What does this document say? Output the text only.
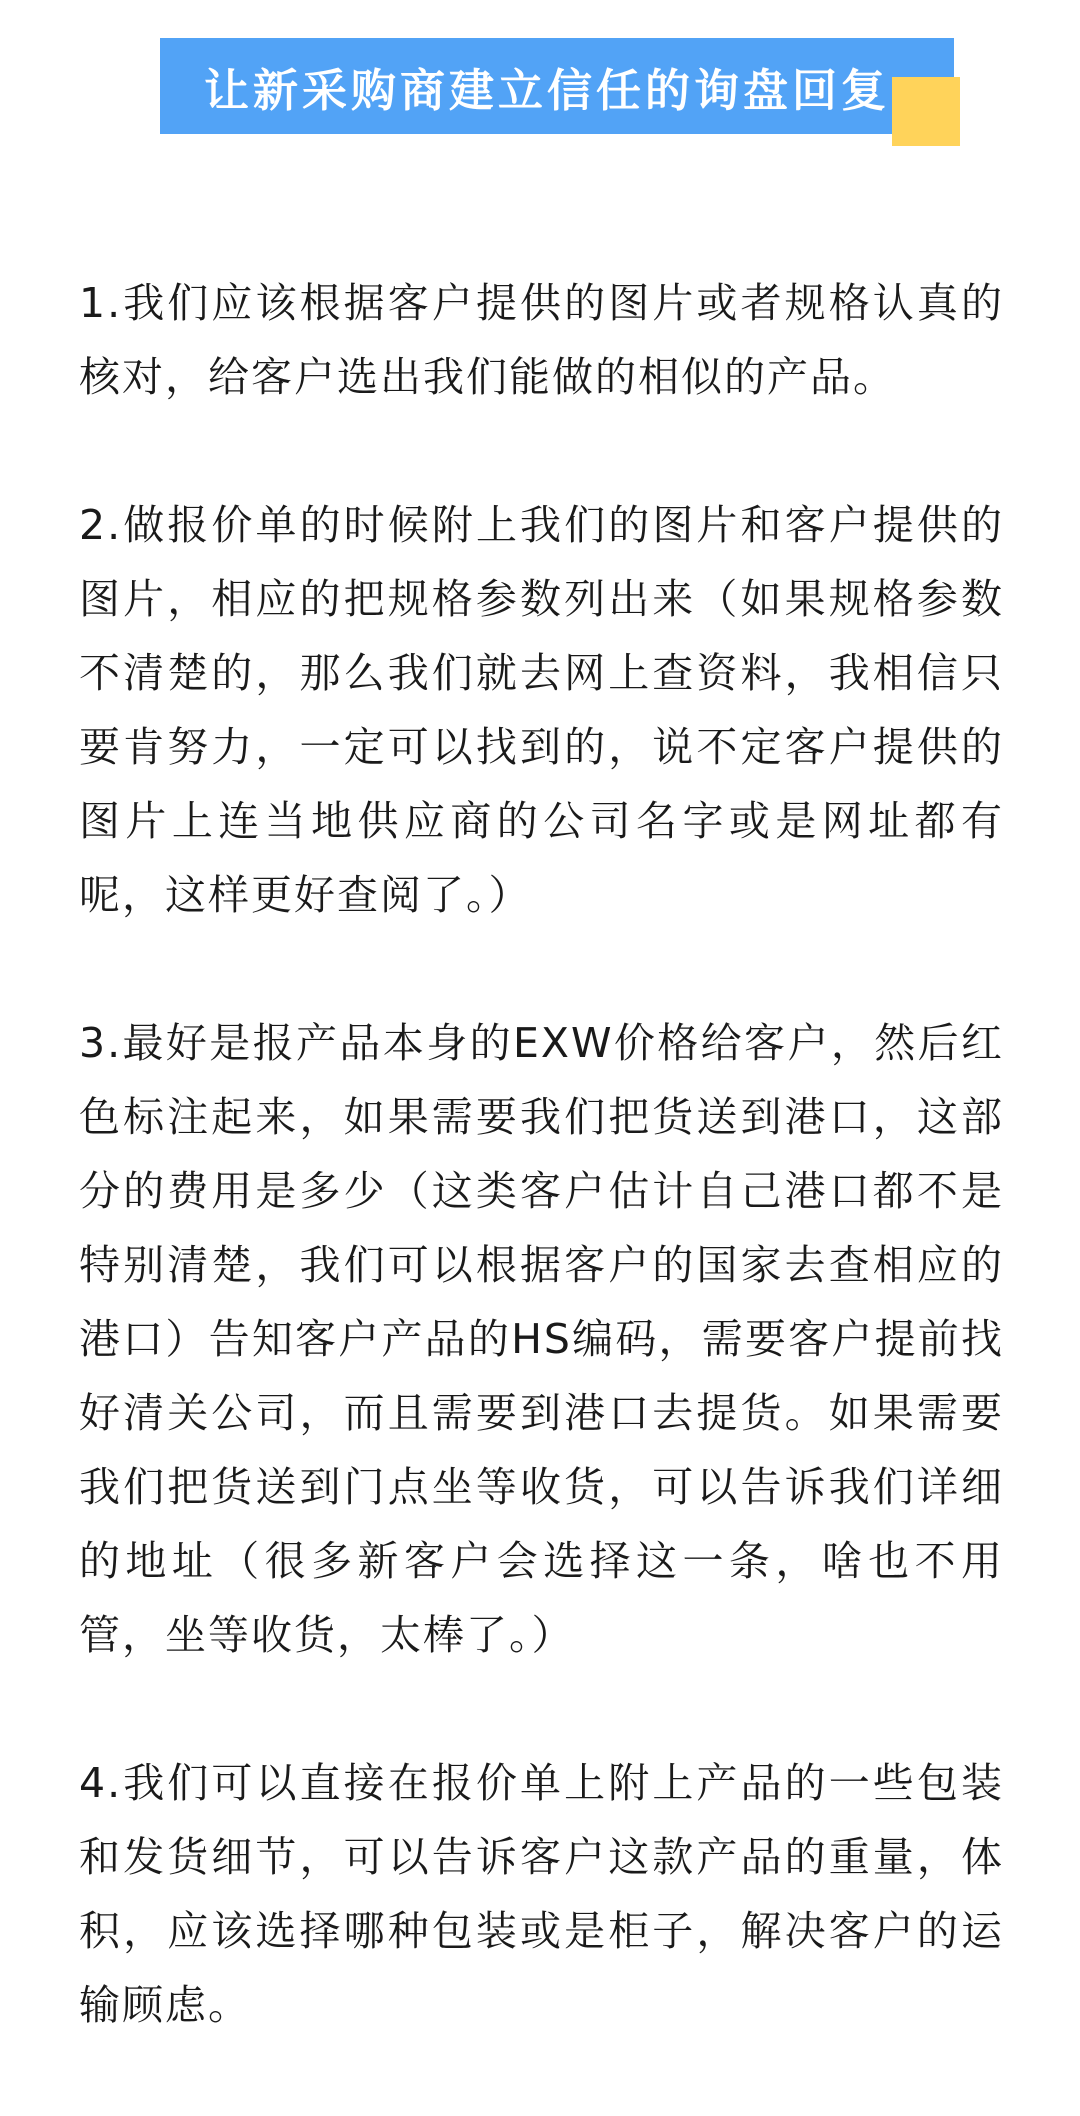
让新采购商建立信任的询盘回复

1.我们应该根据客户提供的图片或者规格认真的核对，给客户选出我们能做的相似的产品。

2.做报价单的时候附上我们的图片和客户提供的图片，相应的把规格参数列出来（如果规格参数不清楚的，那么我们就去网上查资料，我相信只要肯努力，一定可以找到的，说不定客户提供的图片上连当地供应商的公司名字或是网址都有呢，这样更好查阅了。）

3.最好是报产品本身的EXW价格给客户，然后红色标注起来，如果需要我们把货送到港口，这部分的费用是多少（这类客户估计自己港口都不是特别清楚，我们可以根据客户的国家去查相应的港口）告知客户产品的HS编码，需要客户提前找好清关公司，而且需要到港口去提货。如果需要我们把货送到门点坐等收货，可以告诉我们详细的地址（很多新客户会选择这一条，啥也不用管，坐等收货，太棒了。）

4.我们可以直接在报价单上附上产品的一些包装和发货细节，可以告诉客户这款产品的重量，体积，应该选择哪种包装或是柜子，解决客户的运输顾虑。
